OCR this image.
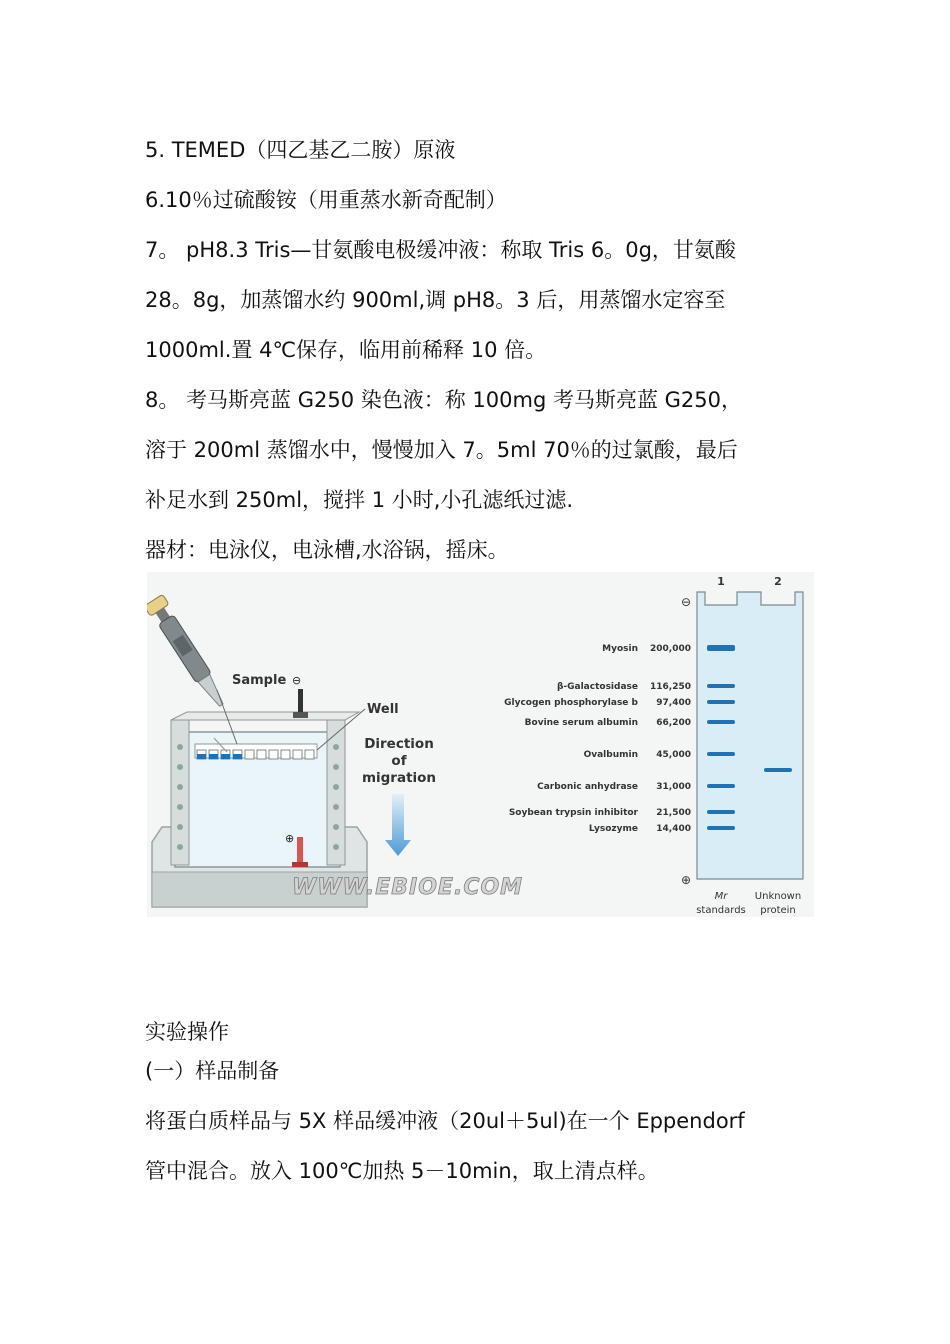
5. TEMED（四乙基乙二胺）原液
6.10％过硫酸铵（用重蒸水新奇配制）
7。 pH8.3 Tris—甘氨酸电极缓冲液：称取 Tris 6。0g，甘氨酸
28。8g，加蒸馏水约 900ml,调 pH8。3 后，用蒸馏水定容至
1000ml.置 4℃保存，临用前稀释 10 倍。
8。 考马斯亮蓝 G250 染色液：称 100mg 考马斯亮蓝 G250，
溶于 200ml 蒸馏水中，慢慢加入 7。5ml 70％的过氯酸，最后
补足水到 250ml，搅拌 1 小时,小孔滤纸过滤.
器材：电泳仪，电泳槽,水浴锅，摇床。
⊖
⊕
Sample
Well
Direction
of
migration
WWW.EBIOE.COM
1	2
⊖
⊕
Myosin 200,000
β-Galactosidase 116,250
Glycogen phosphorylase b 97,400
Bovine serum albumin 66,200
Ovalbumin 45,000
Carbonic anhydrase 31,000
Soybean trypsin inhibitor 21,500
Lysozyme 14,400
Mr
standards
Unknown
protein
实验操作
(一）样品制备
将蛋白质样品与 5X 样品缓冲液（20ul＋5ul)在一个 Eppendorf
管中混合。放入 100℃加热 5－10min，取上清点样。
